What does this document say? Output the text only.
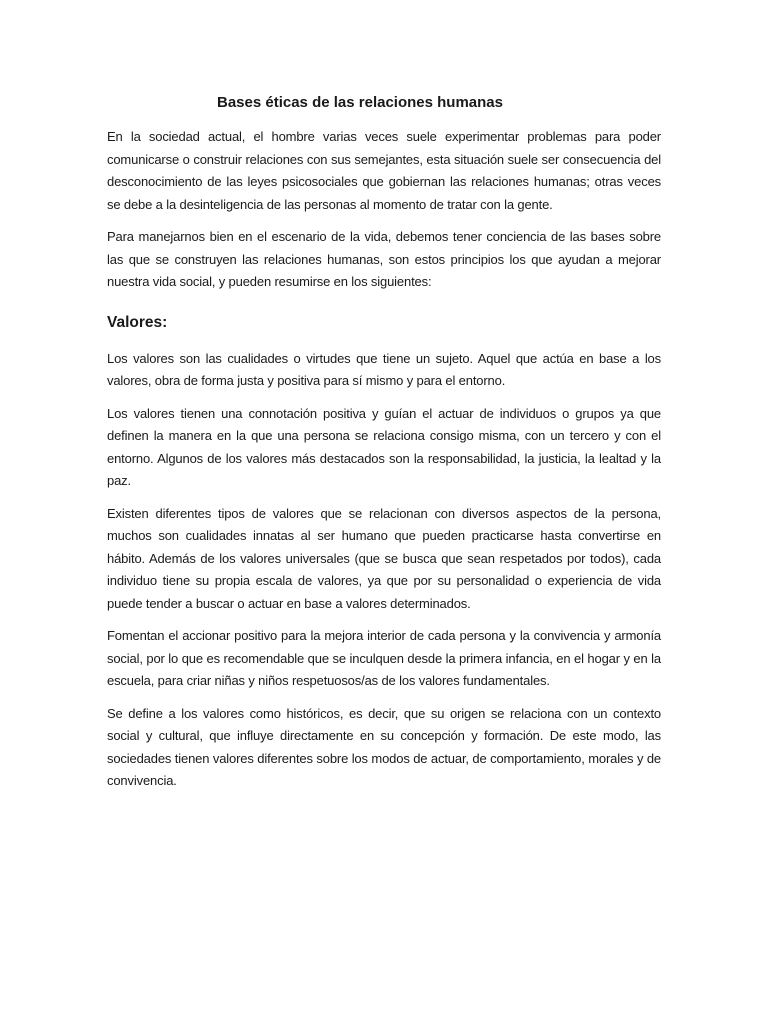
Bases éticas de las relaciones humanas

En la sociedad actual, el hombre varias veces suele experimentar problemas para poder comunicarse o construir relaciones con sus semejantes, esta situación suele ser consecuencia del desconocimiento de las leyes psicosociales que gobiernan las relaciones humanas; otras veces se debe a la desinteligencia de las personas al momento de tratar con la gente.

Para manejarnos bien en el escenario de la vida, debemos tener conciencia de las bases sobre las que se construyen las relaciones humanas, son estos principios los que ayudan a mejorar nuestra vida social, y pueden resumirse en los siguientes:

Valores:

Los valores son las cualidades o virtudes que tiene un sujeto. Aquel que actúa en base a los valores, obra de forma justa y positiva para sí mismo y para el entorno.

Los valores tienen una connotación positiva y guían el actuar de individuos o grupos ya que definen la manera en la que una persona se relaciona consigo misma, con un tercero y con el entorno. Algunos de los valores más destacados son la responsabilidad, la justicia, la lealtad y la paz.

Existen diferentes tipos de valores que se relacionan con diversos aspectos de la persona, muchos son cualidades innatas al ser humano que pueden practicarse hasta convertirse en hábito. Además de los valores universales (que se busca que sean respetados por todos), cada individuo tiene su propia escala de valores, ya que por su personalidad o experiencia de vida puede tender a buscar o actuar en base a valores determinados.

Fomentan el accionar positivo para la mejora interior de cada persona y la convivencia y armonía social, por lo que es recomendable que se inculquen desde la primera infancia, en el hogar y en la escuela, para criar niñas y niños respetuosos/as de los valores fundamentales.

Se define a los valores como históricos, es decir, que su origen se relaciona con un contexto social y cultural, que influye directamente en su concepción y formación. De este modo, las sociedades tienen valores diferentes sobre los modos de actuar, de comportamiento, morales y de convivencia.
